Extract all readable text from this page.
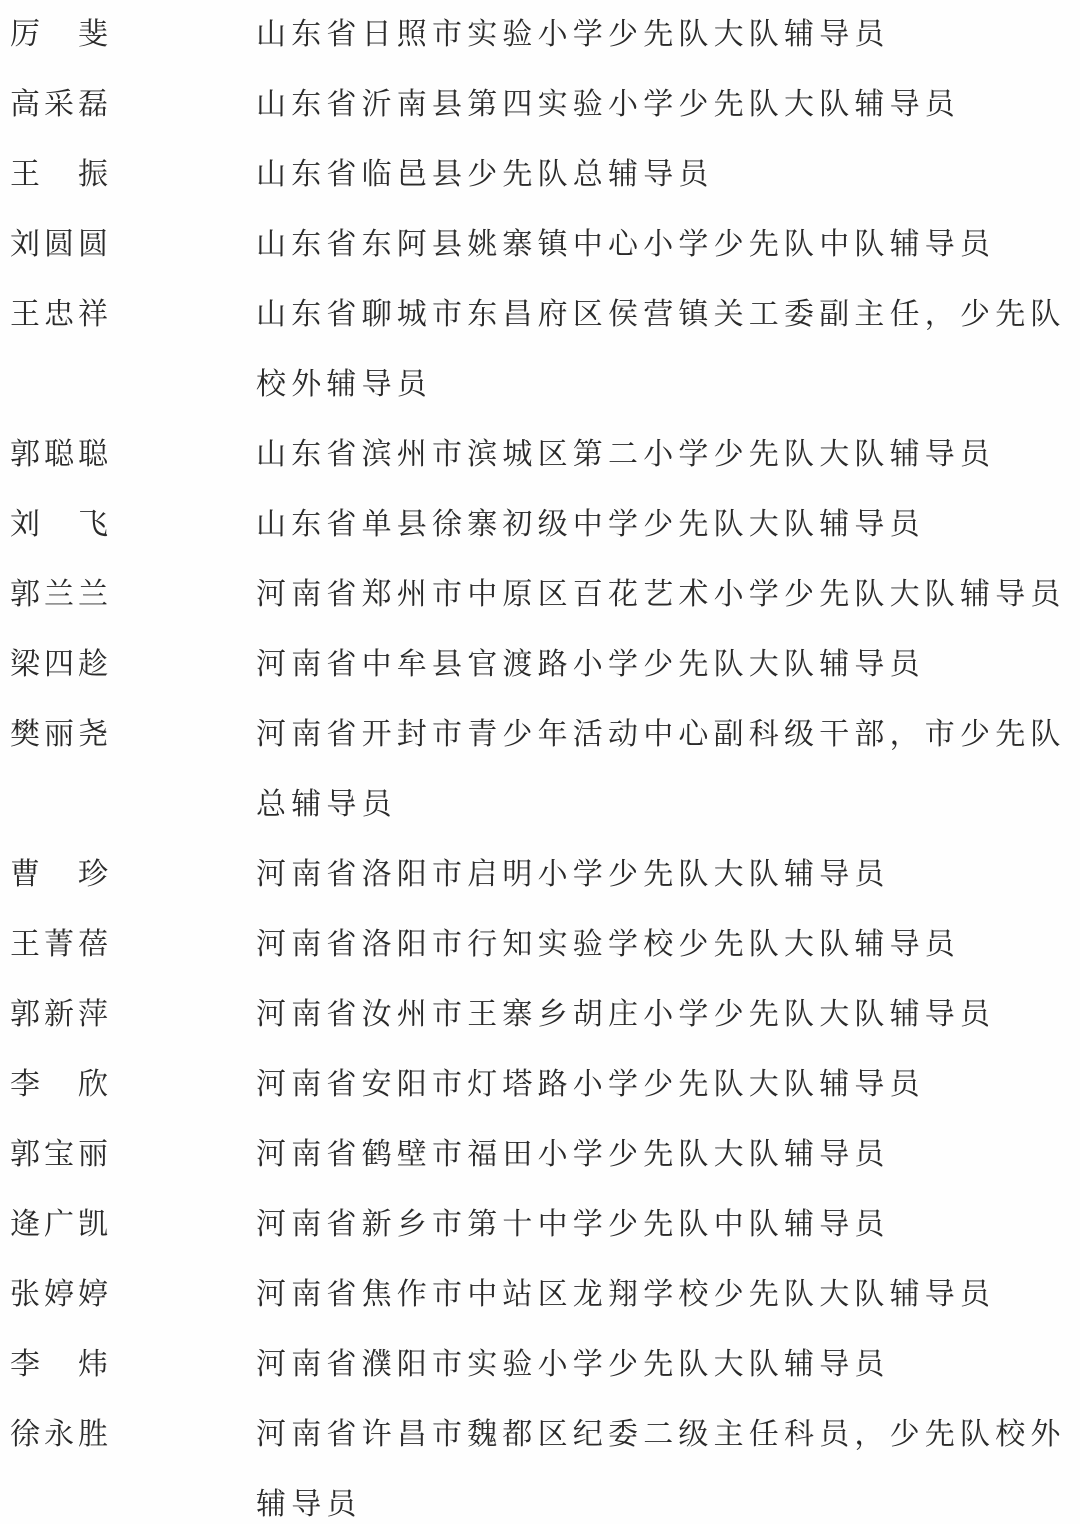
厉 斐	山东省日照市实验小学少先队大队辅导员
高采磊	山东省沂南县第四实验小学少先队大队辅导员
王 振	山东省临邑县少先队总辅导员
刘圆圆	山东省东阿县姚寨镇中心小学少先队中队辅导员
王忠祥	山东省聊城市东昌府区侯营镇关工委副主任，少先队校外辅导员
郭聪聪	山东省滨州市滨城区第二小学少先队大队辅导员
刘 飞	山东省单县徐寨初级中学少先队大队辅导员
郭兰兰	河南省郑州市中原区百花艺术小学少先队大队辅导员
梁四趁	河南省中牟县官渡路小学少先队大队辅导员
樊丽尧	河南省开封市青少年活动中心副科级干部，市少先队总辅导员
曹 珍	河南省洛阳市启明小学少先队大队辅导员
王菁蓓	河南省洛阳市行知实验学校少先队大队辅导员
郭新萍	河南省汝州市王寨乡胡庄小学少先队大队辅导员
李 欣	河南省安阳市灯塔路小学少先队大队辅导员
郭宝丽	河南省鹤壁市福田小学少先队大队辅导员
逄广凯	河南省新乡市第十中学少先队中队辅导员
张婷婷	河南省焦作市中站区龙翔学校少先队大队辅导员
李 炜	河南省濮阳市实验小学少先队大队辅导员
徐永胜	河南省许昌市魏都区纪委二级主任科员，少先队校外辅导员
